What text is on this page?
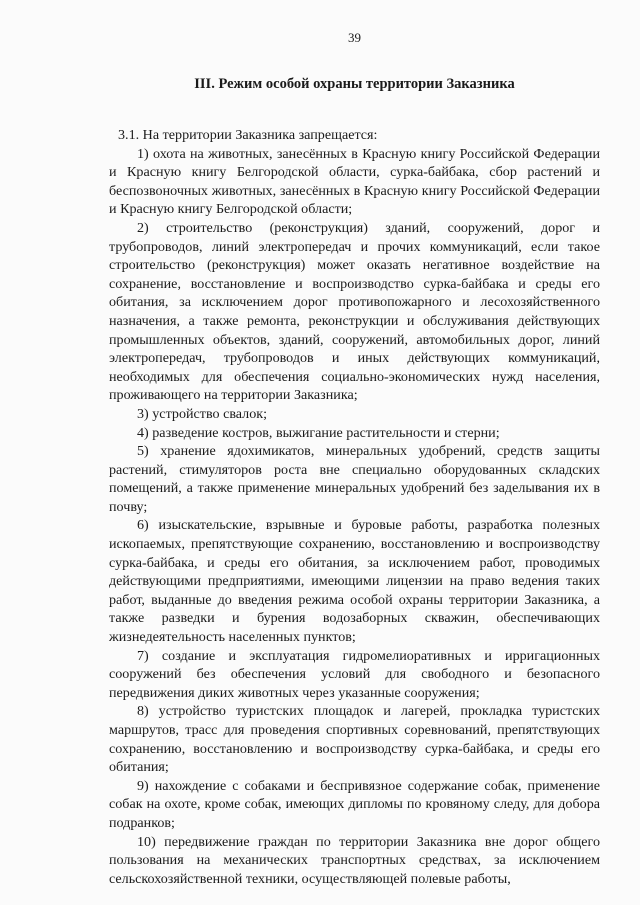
39
III. Режим особой охраны территории Заказника

3.1. На территории Заказника запрещается:

1) охота на животных, занесённых в Красную книгу Российской Федерации и Красную книгу Белгородской области, сурка-байбака, сбор растений и беспозвоночных животных, занесённых в Красную книгу Российской Федерации и Красную книгу Белгородской области;

2) строительство (реконструкция) зданий, сооружений, дорог и трубопроводов, линий электропередач и прочих коммуникаций, если такое строительство (реконструкция) может оказать негативное воздействие на сохранение, восстановление и воспроизводство сурка-байбака и среды его обитания, за исключением дорог противопожарного и лесохозяйственного назначения, а также ремонта, реконструкции и обслуживания действующих промышленных объектов, зданий, сооружений, автомобильных дорог, линий электропередач, трубопроводов и иных действующих коммуникаций, необходимых для обеспечения социально-экономических нужд населения, проживающего на территории Заказника;

3) устройство свалок;

4) разведение костров, выжигание растительности и стерни;

5) хранение ядохимикатов, минеральных удобрений, средств защиты растений, стимуляторов роста вне специально оборудованных складских помещений, а также применение минеральных удобрений без заделывания их в почву;

6) изыскательские, взрывные и буровые работы, разработка полезных ископаемых, препятствующие сохранению, восстановлению и воспроизводству сурка-байбака, и среды его обитания, за исключением работ, проводимых действующими предприятиями, имеющими лицензии на право ведения таких работ, выданные до введения режима особой охраны территории Заказника, а также разведки и бурения водозаборных скважин, обеспечивающих жизнедеятельность населенных пунктов;

7) создание и эксплуатация гидромелиоративных и ирригационных сооружений без обеспечения условий для свободного и безопасного передвижения диких животных через указанные сооружения;

8) устройство туристских площадок и лагерей, прокладка туристских маршрутов, трасс для проведения спортивных соревнований, препятствующих сохранению, восстановлению и воспроизводству сурка-байбака, и среды его обитания;

9) нахождение с собаками и беспривязное содержание собак, применение собак на охоте, кроме собак, имеющих дипломы по кровяному следу, для добора подранков;

10) передвижение граждан по территории Заказника вне дорог общего пользования на механических транспортных средствах, за исключением сельскохозяйственной техники, осуществляющей полевые работы,
